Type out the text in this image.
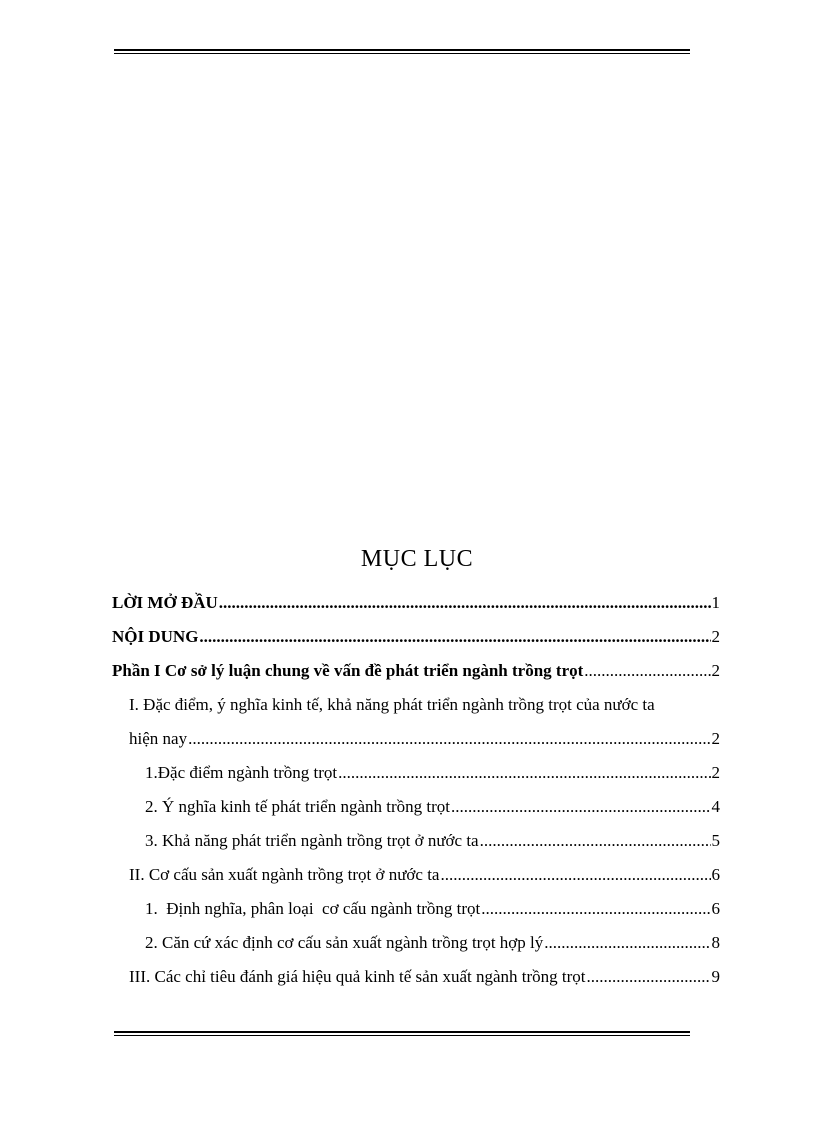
MỤC LỤC
LỜI MỞ ĐẦU .....	1
NỘI DUNG .....	2
Phần I Cơ sở lý luận chung về vấn đề phát triển ngành trồng trọt .....	2
I. Đặc điểm, ý nghĩa kinh tế, khả năng phát triển ngành trồng trọt của nước ta
hiện nay .....	2
1.Đặc điểm ngành trồng trọt .....	2
2. Ý nghĩa kinh tế phát triển ngành trồng trọt .....	4
3. Khả năng phát triển ngành trồng trọt ở nước ta .....	5
II. Cơ cấu sản xuất ngành trồng trọt ở nước ta .....	6
1.  Định nghĩa, phân loại  cơ cấu ngành trồng trọt .....	6
2. Căn cứ xác định cơ cấu sản xuất ngành trồng trọt hợp lý .....	8
III. Các chỉ tiêu đánh giá hiệu quả kinh tế sản xuất ngành trồng trọt .....	9
